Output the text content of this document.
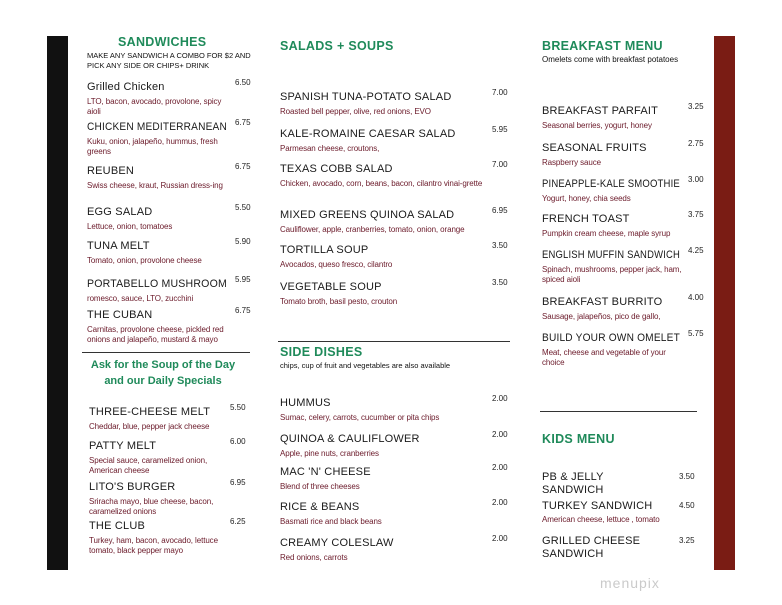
SANDWICHES
MAKE ANY SANDWICH A COMBO FOR $2 AND PICK ANY SIDE OR CHIPS+ DRINK
Ask for the Soup of the Day
and our Daily Specials
SALADS + SOUPS
SIDE DISHES
chips, cup of fruit and vegetables are also available
BREAKFAST MENU
Omelets come with breakfast potatoes
KIDS MENU
menupix
Grilled Chicken
LTO, bacon, avocado, provolone, spicy aioli
6.50
CHICKEN MEDITERRANEAN
Kuku, onion, jalapeño, hummus, fresh greens
6.75
REUBEN
Swiss cheese, kraut, Russian dress-ing
6.75
EGG SALAD
Lettuce, onion, tomatoes
5.50
TUNA MELT
Tomato, onion, provolone cheese
5.90
PORTABELLO MUSHROOM
romesco, sauce, LTO, zucchini
5.95
THE CUBAN
Carnitas, provolone cheese, pickled red onions and jalapeño, mustard & mayo
6.75
THREE-CHEESE MELT
Cheddar, blue, pepper jack cheese
5.50
PATTY MELT
Special sauce, caramelized onion, American cheese
6.00
LITO'S BURGER
Sriracha mayo, blue cheese, bacon, caramelized onions
6.95
THE CLUB
Turkey, ham, bacon, avocado, lettuce tomato, black pepper mayo
6.25
SPANISH TUNA-POTATO SALAD
Roasted bell pepper, olive, red onions, EVO
7.00
KALE-ROMAINE CAESAR SALAD
Parmesan cheese, croutons,
5.95
TEXAS COBB SALAD
Chicken, avocado, corn, beans, bacon, cilantro vinai-grette
7.00
MIXED GREENS QUINOA SALAD
Cauliflower, apple, cranberries, tomato, onion, orange
6.95
TORTILLA SOUP
Avocados, queso fresco, cilantro
3.50
VEGETABLE SOUP
Tomato broth, basil pesto, crouton
3.50
HUMMUS
Sumac, celery, carrots, cucumber or pita chips
2.00
QUINOA & CAULIFLOWER
Apple, pine nuts, cranberries
2.00
MAC 'N' CHEESE
Blend of three cheeses
2.00
RICE & BEANS
Basmati rice and black beans
2.00
CREAMY COLESLAW
Red onions, carrots
2.00
BREAKFAST PARFAIT
Seasonal berries, yogurt, honey
3.25
SEASONAL FRUITS
Raspberry sauce
2.75
PINEAPPLE-KALE SMOOTHIE
Yogurt, honey, chia seeds
3.00
FRENCH TOAST
Pumpkin cream cheese, maple syrup
3.75
ENGLISH MUFFIN SANDWICH
Spinach, mushrooms, pepper jack, ham, spiced aioli
4.25
BREAKFAST BURRITO
Sausage, jalapeños, pico de gallo,
4.00
BUILD YOUR OWN OMELET
Meat, cheese and vegetable of your choice
5.75
PB & JELLY SANDWICH
3.50
TURKEY SANDWICH
American cheese, lettuce , tomato
4.50
GRILLED CHEESE SANDWICH
3.25
